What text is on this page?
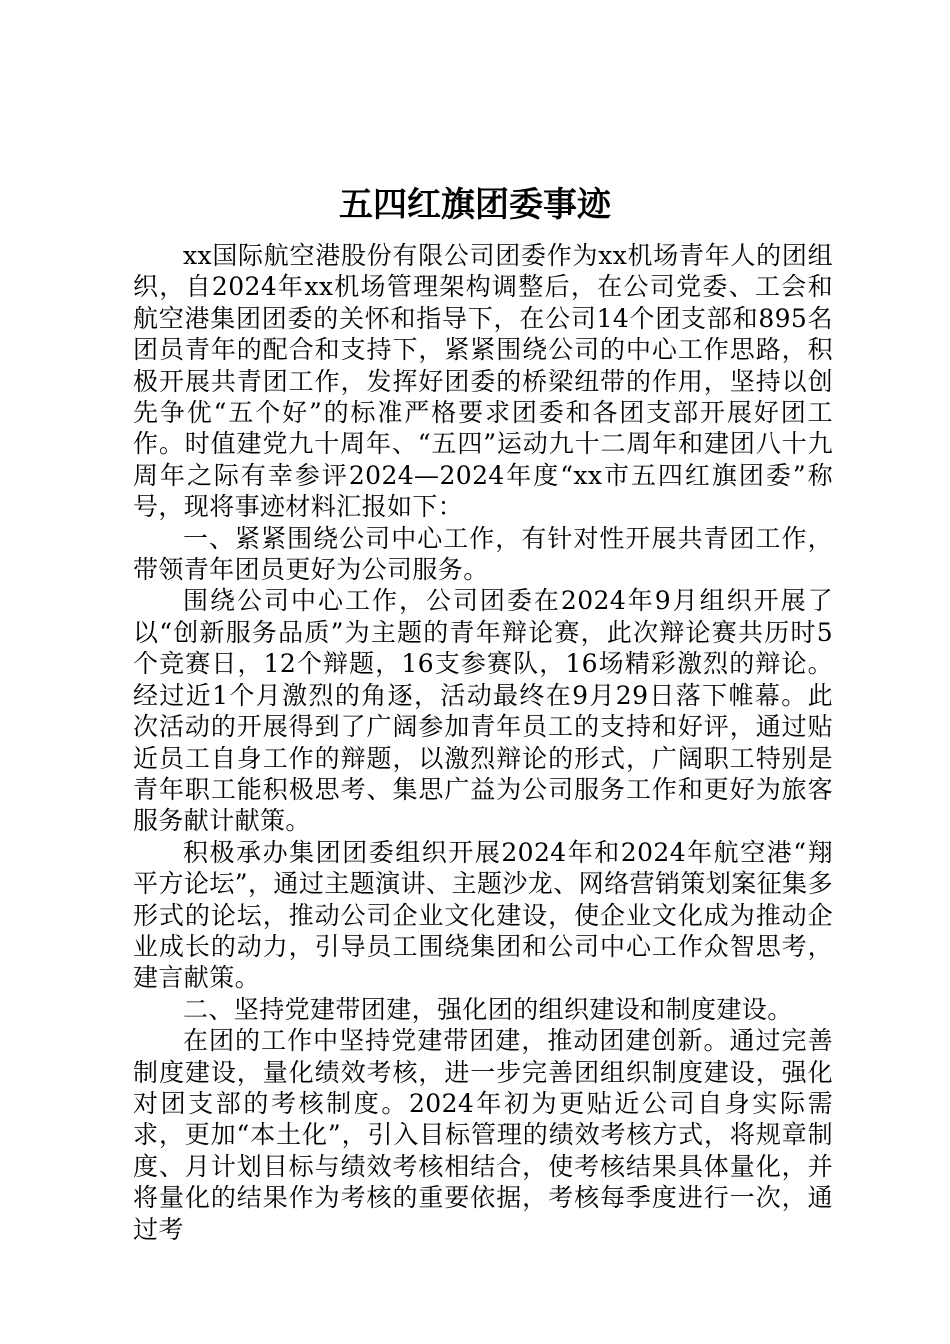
五四红旗团委事迹

xx国际航空港股份有限公司团委作为xx机场青年人的团组织，自2024年xx机场管理架构调整后，在公司党委、工会和航空港集团团委的关怀和指导下，在公司14个团支部和895名团员青年的配合和支持下，紧紧围绕公司的中心工作思路，积极开展共青团工作，发挥好团委的桥梁纽带的作用，坚持以创先争优“五个好”的标准严格要求团委和各团支部开展好团工作。时值建党九十周年、“五四”运动九十二周年和建团八十九周年之际有幸参评2024—2024年度“xx市五四红旗团委”称号，现将事迹材料汇报如下：

一、紧紧围绕公司中心工作，有针对性开展共青团工作，带领青年团员更好为公司服务。

围绕公司中心工作，公司团委在2024年9月组织开展了以“创新服务品质”为主题的青年辩论赛，此次辩论赛共历时5个竞赛日，12个辩题，16支参赛队，16场精彩激烈的辩论。经过近1个月激烈的角逐，活动最终在9月29日落下帷幕。此次活动的开展得到了广阔参加青年员工的支持和好评，通过贴近员工自身工作的辩题，以激烈辩论的形式，广阔职工特别是青年职工能积极思考、集思广益为公司服务工作和更好为旅客服务献计献策。

积极承办集团团委组织开展2024年和2024年航空港“翔平方论坛”，通过主题演讲、主题沙龙、网络营销策划案征集多形式的论坛，推动公司企业文化建设，使企业文化成为推动企业成长的动力，引导员工围绕集团和公司中心工作众智思考，建言献策。

二、坚持党建带团建，强化团的组织建设和制度建设。

在团的工作中坚持党建带团建，推动团建创新。通过完善制度建设，量化绩效考核，进一步完善团组织制度建设，强化对团支部的考核制度。2024年初为更贴近公司自身实际需求，更加“本土化”，引入目标管理的绩效考核方式，将规章制度、月计划目标与绩效考核相结合，使考核结果具体量化，并将量化的结果作为考核的重要依据，考核每季度进行一次，通过考
